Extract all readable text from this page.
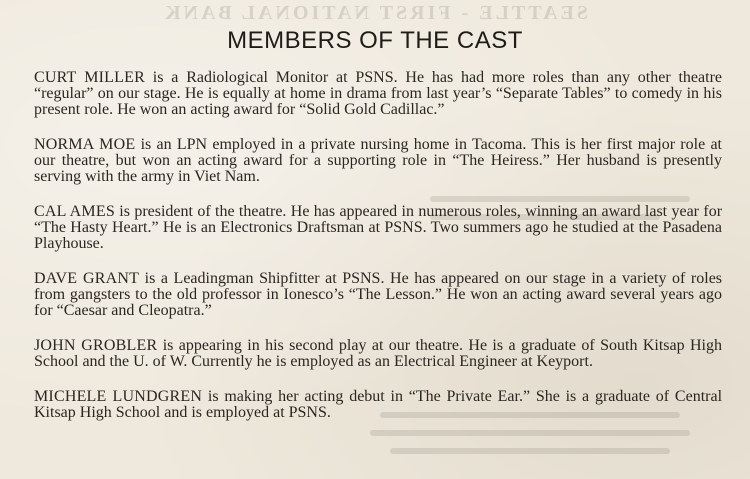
SEATTLE - FIRST NATIONAL BANK
MEMBERS OF THE CAST

CURT MILLER is a Radiological Monitor at PSNS. He has had more roles than any other theatre “regular” on our stage. He is equally at home in drama from last year’s “Separate Tables” to comedy in his present role. He won an acting award for “Solid Gold Cadillac.”

NORMA MOE is an LPN employed in a private nursing home in Tacoma. This is her first major role at our theatre, but won an acting award for a supporting role in “The Heiress.” Her husband is presently serving with the army in Viet Nam.

CAL AMES is president of the theatre. He has appeared in numerous roles, winning an award last year for “The Hasty Heart.” He is an Electronics Draftsman at PSNS. Two summers ago he studied at the Pasadena Playhouse.

DAVE GRANT is a Leadingman Shipfitter at PSNS. He has appeared on our stage in a variety of roles from gangsters to the old professor in Ionesco’s “The Lesson.” He won an acting award several years ago for “Caesar and Cleopatra.”

JOHN GROBLER is appearing in his second play at our theatre. He is a graduate of South Kitsap High School and the U. of W. Currently he is employed as an Electrical Engineer at Keyport.

MICHELE LUNDGREN is making her acting debut in “The Private Ear.” She is a graduate of Central Kitsap High School and is employed at PSNS.
